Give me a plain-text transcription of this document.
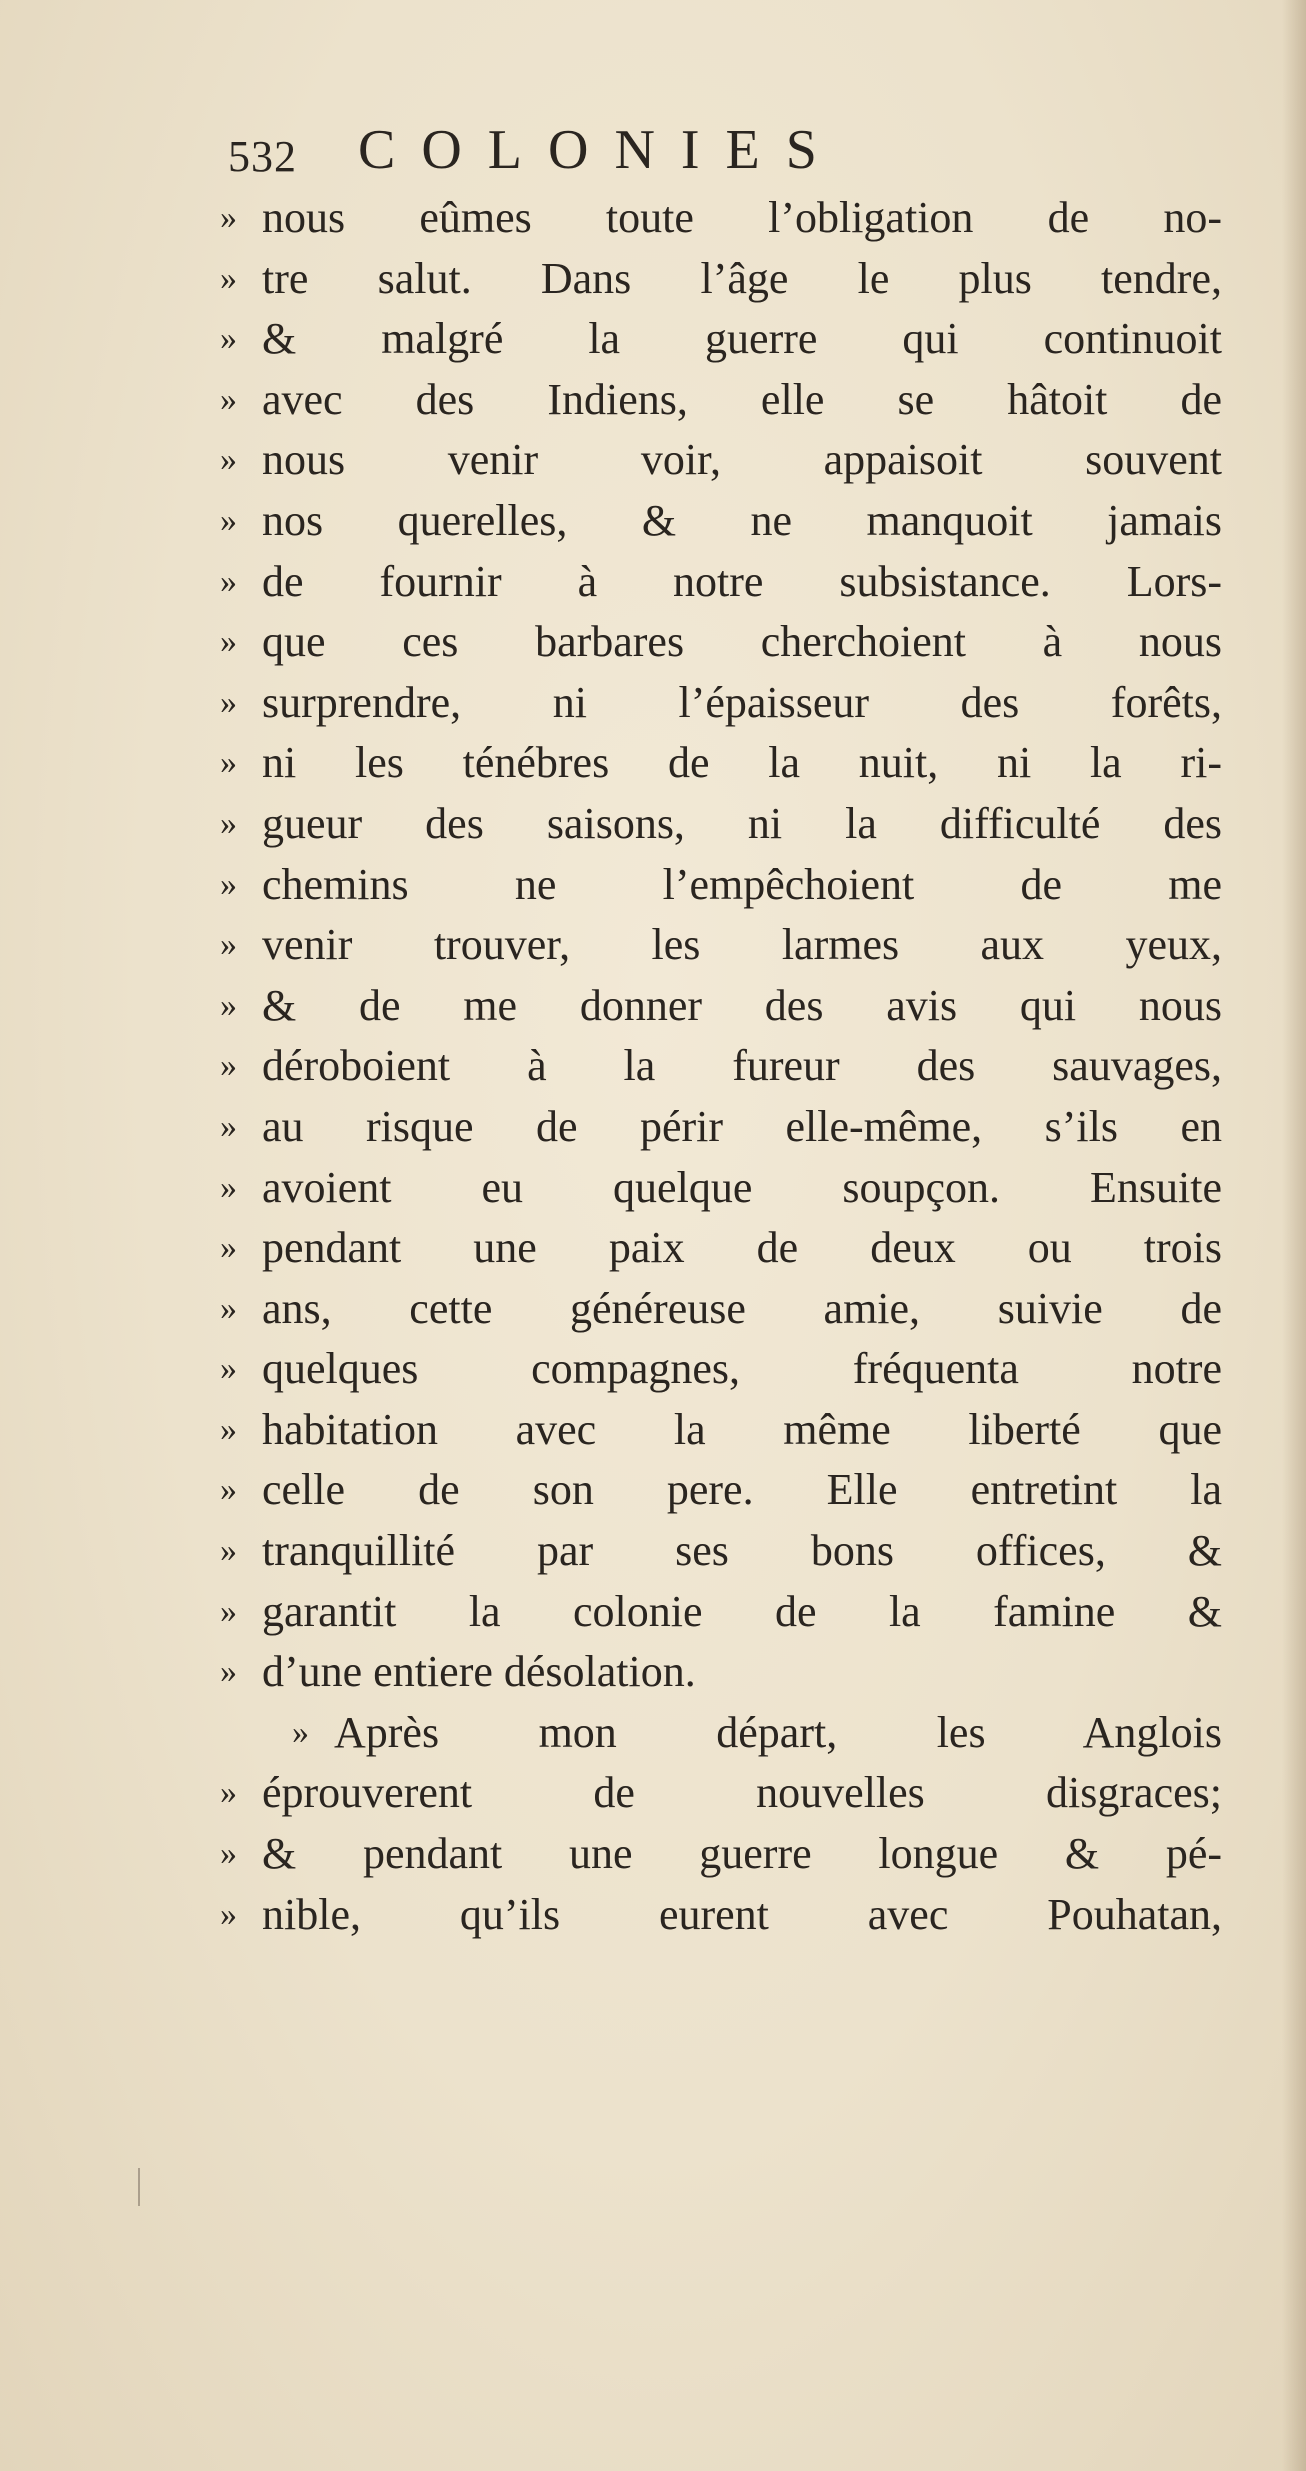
532	COLONIES
» nous eûmes toute l’obligation de no-
» tre salut. Dans l’âge le plus tendre,
» & malgré la guerre qui continuoit
» avec des Indiens, elle se hâtoit de
» nous venir voir, appaisoit souvent
» nos querelles, & ne manquoit jamais
» de fournir à notre subsistance. Lors-
» que ces barbares cherchoient à nous
» surprendre, ni l’épaisseur des forêts,
» ni les ténébres de la nuit, ni la ri-
» gueur des saisons, ni la difficulté des
» chemins ne l’empêchoient de me
» venir trouver, les larmes aux yeux,
» & de me donner des avis qui nous
» déroboient à la fureur des sauvages,
» au risque de périr elle-même, s’ils en
» avoient eu quelque soupçon. Ensuite
» pendant une paix de deux ou trois
» ans, cette généreuse amie, suivie de
» quelques compagnes, fréquenta notre
» habitation avec la même liberté que
» celle de son pere. Elle entretint la
» tranquillité par ses bons offices, &
» garantit la colonie de la famine &
» d’une entiere désolation.
» Après mon départ, les Anglois
» éprouverent de nouvelles disgraces;
» & pendant une guerre longue & pé-
» nible, qu’ils eurent avec Pouhatan,
